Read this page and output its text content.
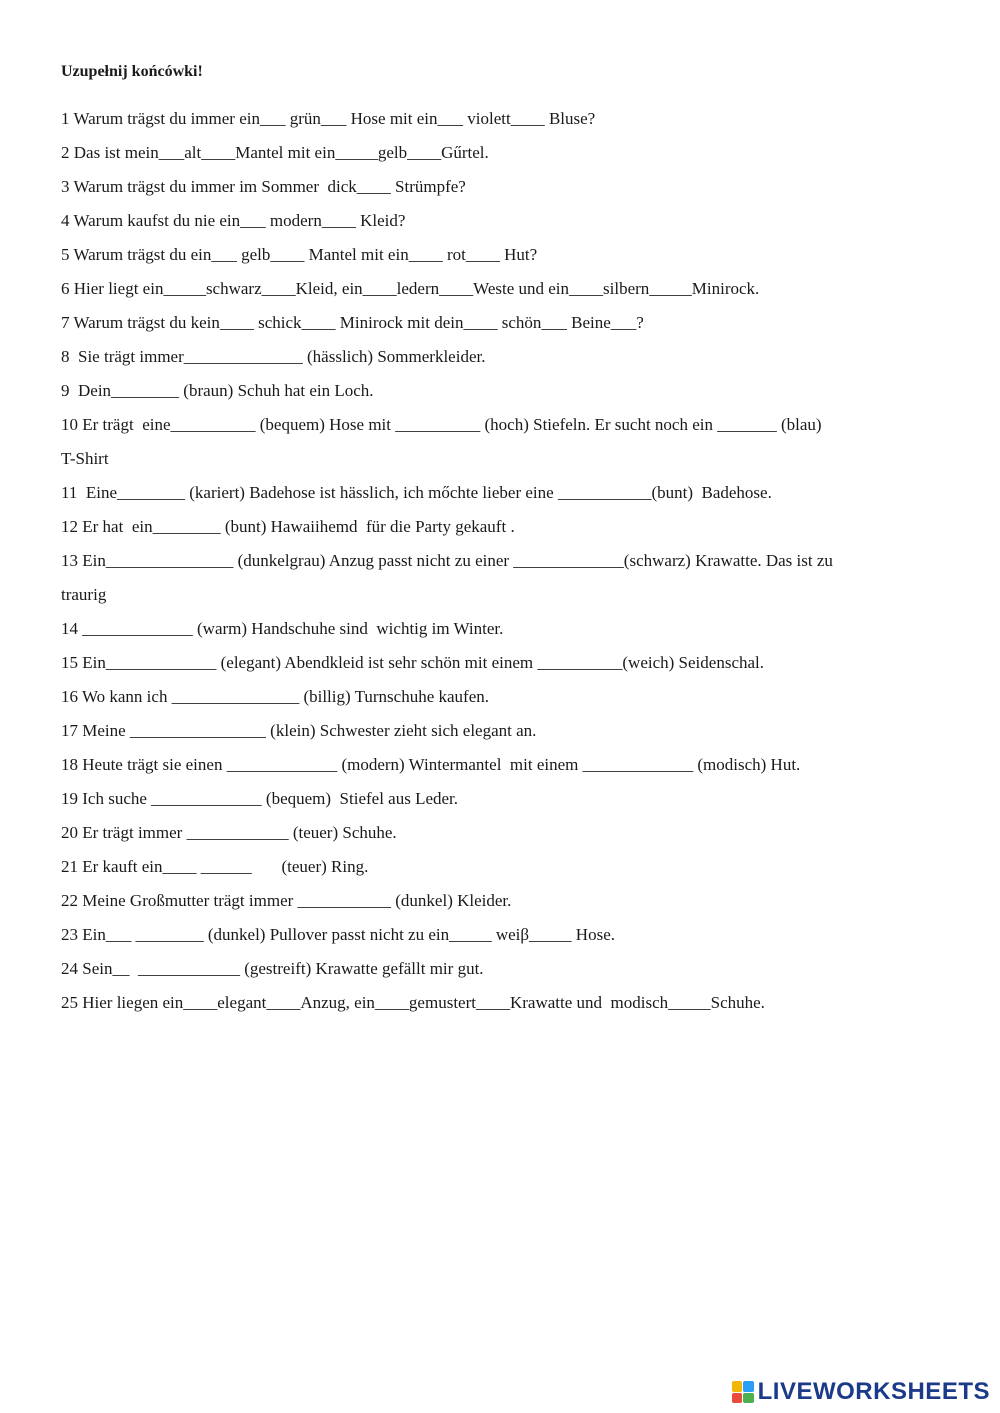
Uzupełnij końcówki!
1 Warum trägst du immer ein___ grün___ Hose mit ein___ violett____ Bluse?
2 Das ist mein___alt____Mantel mit ein_____gelb____Gűrtel.
3 Warum trägst du immer im Sommer  dick____ Strümpfe?
4 Warum kaufst du nie ein___ modern____ Kleid?
5 Warum trägst du ein___ gelb____ Mantel mit ein____ rot____ Hut?
6 Hier liegt ein_____schwarz____Kleid, ein____ledern____Weste und ein____silbern_____Minirock.
7 Warum trägst du kein____ schick____ Minirock mit dein____ schön___ Beine___?
8  Sie trägt immer______________ (hässlich) Sommerkleider.
9  Dein________ (braun) Schuh hat ein Loch.
10 Er trägt  eine__________ (bequem) Hose mit __________ (hoch) Stiefeln. Er sucht noch ein _______ (blau)
T-Shirt
11  Eine________ (kariert) Badehose ist hässlich, ich mőchte lieber eine ___________(bunt)  Badehose.
12 Er hat  ein________ (bunt) Hawaiihemd  für die Party gekauft .
13 Ein_______________ (dunkelgrau) Anzug passt nicht zu einer _____________(schwarz) Krawatte. Das ist zu
traurig
14 _____________ (warm) Handschuhe sind  wichtig im Winter.
15 Ein_____________ (elegant) Abendkleid ist sehr schön mit einem __________(weich) Seidenschal.
16 Wo kann ich _______________ (billig) Turnschuhe kaufen.
17 Meine ________________ (klein) Schwester zieht sich elegant an.
18 Heute trägt sie einen _____________ (modern) Wintermantel  mit einem _____________ (modisch) Hut.
19 Ich suche _____________ (bequem)  Stiefel aus Leder.
20 Er trägt immer ____________ (teuer) Schuhe.
21 Er kauft ein____ ______       (teuer) Ring.
22 Meine Großmutter trägt immer ___________ (dunkel) Kleider.
23 Ein___ ________ (dunkel) Pullover passt nicht zu ein_____ weiβ_____ Hose.
24 Sein__  ____________ (gestreift) Krawatte gefällt mir gut.
25 Hier liegen ein____elegant____Anzug, ein____gemustert____Krawatte und  modisch_____Schuhe.
LIVEWORKSHEETS
